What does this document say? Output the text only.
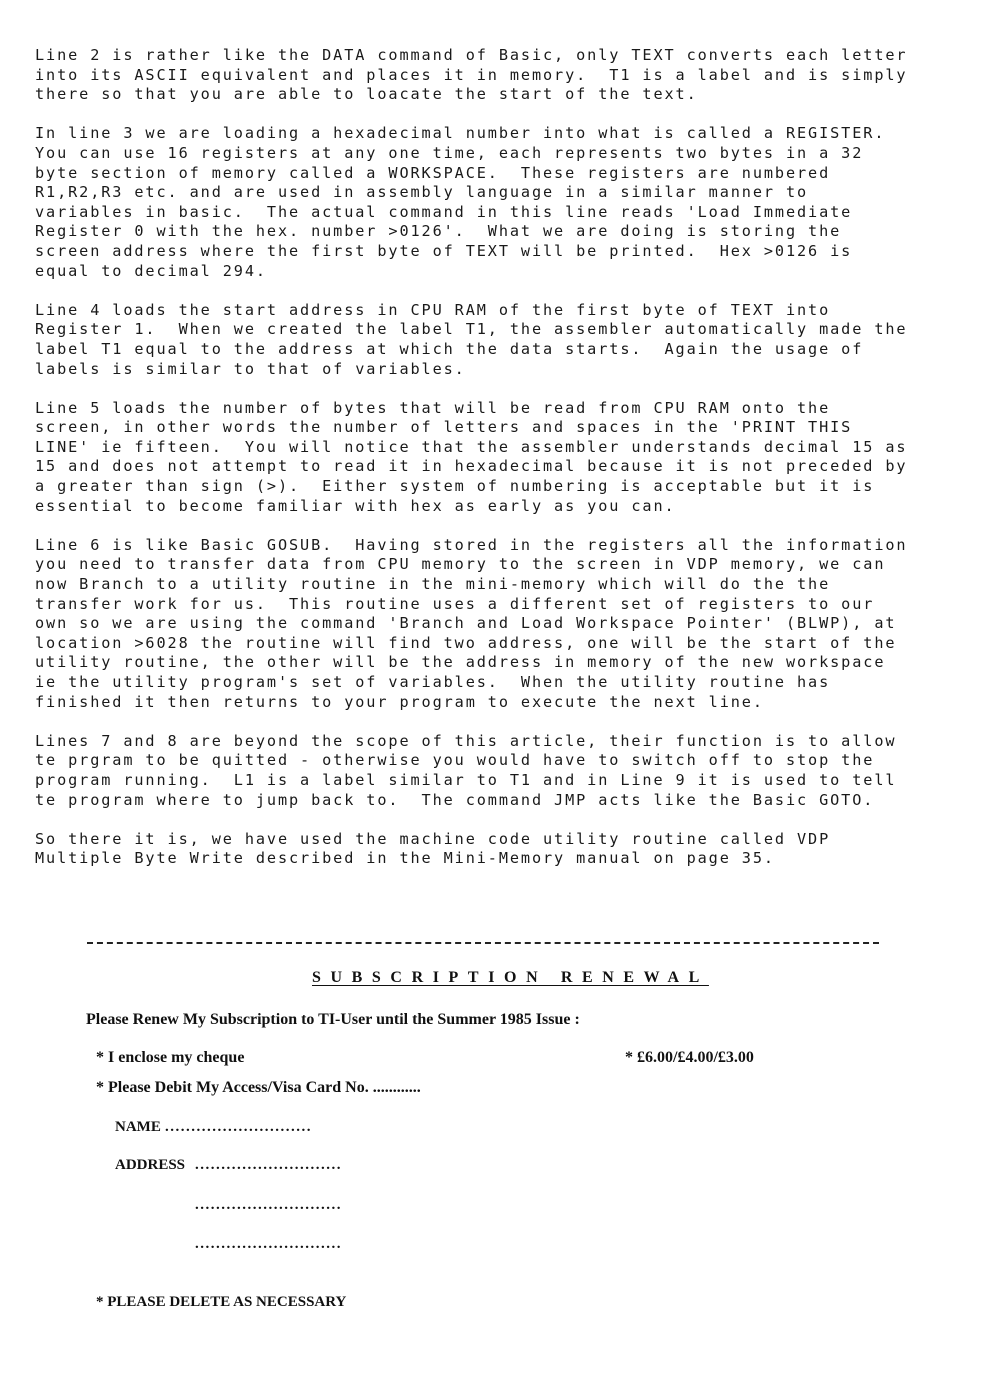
Line 2 is rather like the DATA command of Basic, only TEXT converts each letter
into its ASCII equivalent and places it in memory.  T1 is a label and is simply
there so that you are able to loacate the start of the text.
In line 3 we are loading a hexadecimal number into what is called a REGISTER.
You can use 16 registers at any one time, each represents two bytes in a 32
byte section of memory called a WORKSPACE.  These registers are numbered
R1,R2,R3 etc. and are used in assembly language in a similar manner to
variables in basic.  The actual command in this line reads 'Load Immediate
Register 0 with the hex. number >0126'.  What we are doing is storing the
screen address where the first byte of TEXT will be printed.  Hex >0126 is
equal to decimal 294.
Line 4 loads the start address in CPU RAM of the first byte of TEXT into
Register 1.  When we created the label T1, the assembler automatically made the
label T1 equal to the address at which the data starts.  Again the usage of
labels is similar to that of variables.
Line 5 loads the number of bytes that will be read from CPU RAM onto the
screen, in other words the number of letters and spaces in the 'PRINT THIS
LINE' ie fifteen.  You will notice that the assembler understands decimal 15 as
15 and does not attempt to read it in hexadecimal because it is not preceded by
a greater than sign (>).  Either system of numbering is acceptable but it is
essential to become familiar with hex as early as you can.
Line 6 is like Basic GOSUB.  Having stored in the registers all the information
you need to transfer data from CPU memory to the screen in VDP memory, we can
now Branch to a utility routine in the mini-memory which will do the the
transfer work for us.  This routine uses a different set of registers to our
own so we are using the command 'Branch and Load Workspace Pointer' (BLWP), at
location >6028 the routine will find two address, one will be the start of the
utility routine, the other will be the address in memory of the new workspace
ie the utility program's set of variables.  When the utility routine has
finished it then returns to your program to execute the next line.
Lines 7 and 8 are beyond the scope of this article, their function is to allow
te prgram to be quitted - otherwise you would have to switch off to stop the
program running.  L1 is a label similar to T1 and in Line 9 it is used to tell
te program where to jump back to.  The command JMP acts like the Basic GOTO.
So there it is, we have used the machine code utility routine called VDP
Multiple Byte Write described in the Mini-Memory manual on page 35.
SUBSCRIPTION RENEWAL
Please Renew My Subscription to TI-User until the Summer 1985 Issue :
* I enclose my cheque	* £6.00/£4.00/£3.00
* Please Debit My Access/Visa Card No. ............
NAME ............................
ADDRESS ............................
............................
............................
* PLEASE DELETE AS NECESSARY
